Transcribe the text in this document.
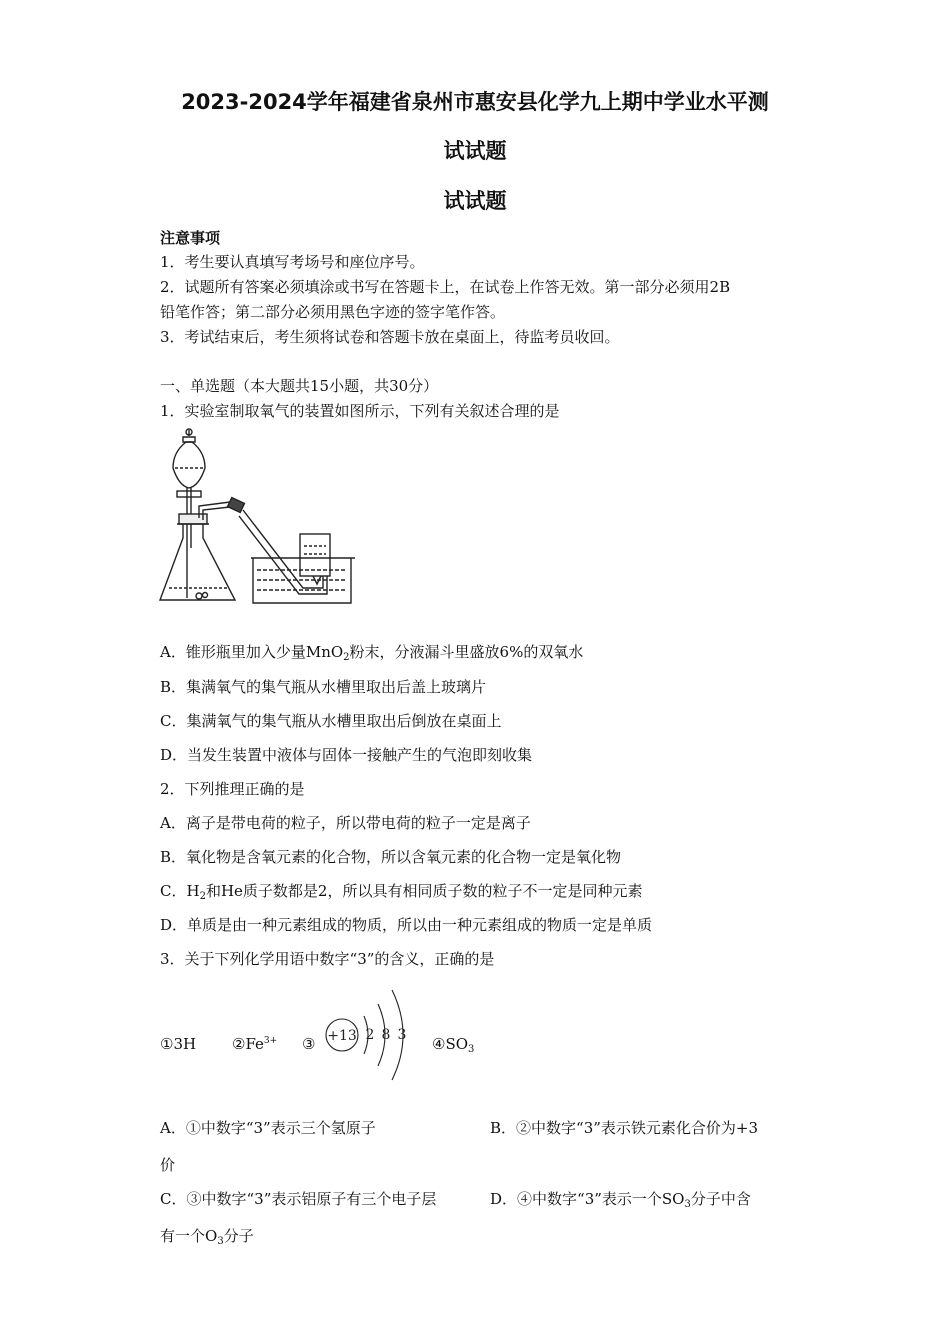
2023-2024学年福建省泉州市惠安县化学九上期中学业水平测
试试题
试试题
注意事项
1．考生要认真填写考场号和座位序号。
2．试题所有答案必须填涂或书写在答题卡上，在试卷上作答无效。第一部分必须用2B
铅笔作答；第二部分必须用黑色字迹的签字笔作答。
3．考试结束后，考生须将试卷和答题卡放在桌面上，待监考员收回。
一、单选题（本大题共15小题，共30分）
1．实验室制取氧气的装置如图所示，下列有关叙述合理的是
A．锥形瓶里加入少量MnO$_2$粉末，分液漏斗里盛放6%的双氧水
B．集满氧气的集气瓶从水槽里取出后盖上玻璃片
C．集满氧气的集气瓶从水槽里取出后倒放在桌面上
D．当发生装置中液体与固体一接触产生的气泡即刻收集
2．下列推理正确的是
A．离子是带电荷的粒子，所以带电荷的粒子一定是离子
B．氧化物是含氧元素的化合物，所以含氧元素的化合物一定是氧化物
C．$H_2$和He质子数都是2，所以具有相同质子数的粒子不一定是同种元素
D．单质是由一种元素组成的物质，所以由一种元素组成的物质一定是单质
3．关于下列化学用语中数字“3”的含义，正确的是
①3H $②Fe^{3+}$ ③ +13 2 8 3 $④SO_3$
A．①中数字“3”表示三个氢原子	B．②中数字“3”表示铁元素化合价为+3
价
C．③中数字“3”表示铝原子有三个电子层	D．④中数字“3”表示一个$SO_3$分子中含
有一个$O_3$分子
